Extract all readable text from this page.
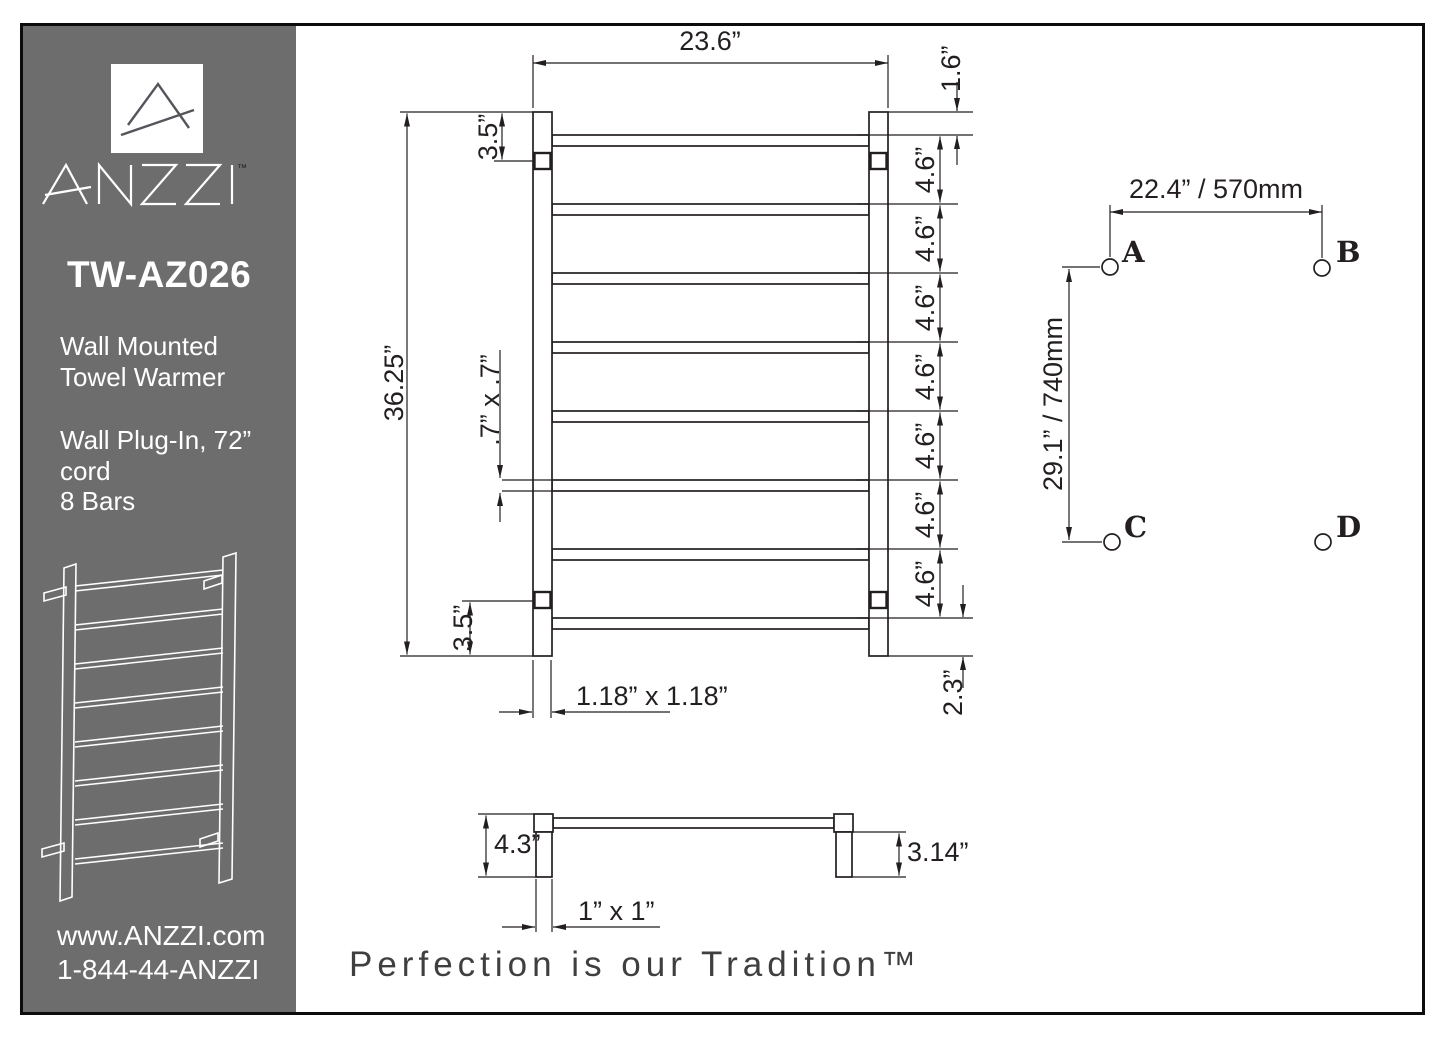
™
TW-AZ026
Wall Mounted
Towel Warmer
Wall Plug-In, 72” cord
8 Bars
www.ANZZI.com
1-844-44-ANZZI
23.6”
1.6”
4.6”
4.6”
4.6”
4.6”
4.6”
4.6”
4.6”
2.3”
36.25”
3.5”
3.5”
.7” x .7”
1.18” x 1.18”
A	B
C	D
22.4” / 570mm
29.1” / 740mm
4.3”	3.14”
1” x 1”
Perfection is our Tradition™
